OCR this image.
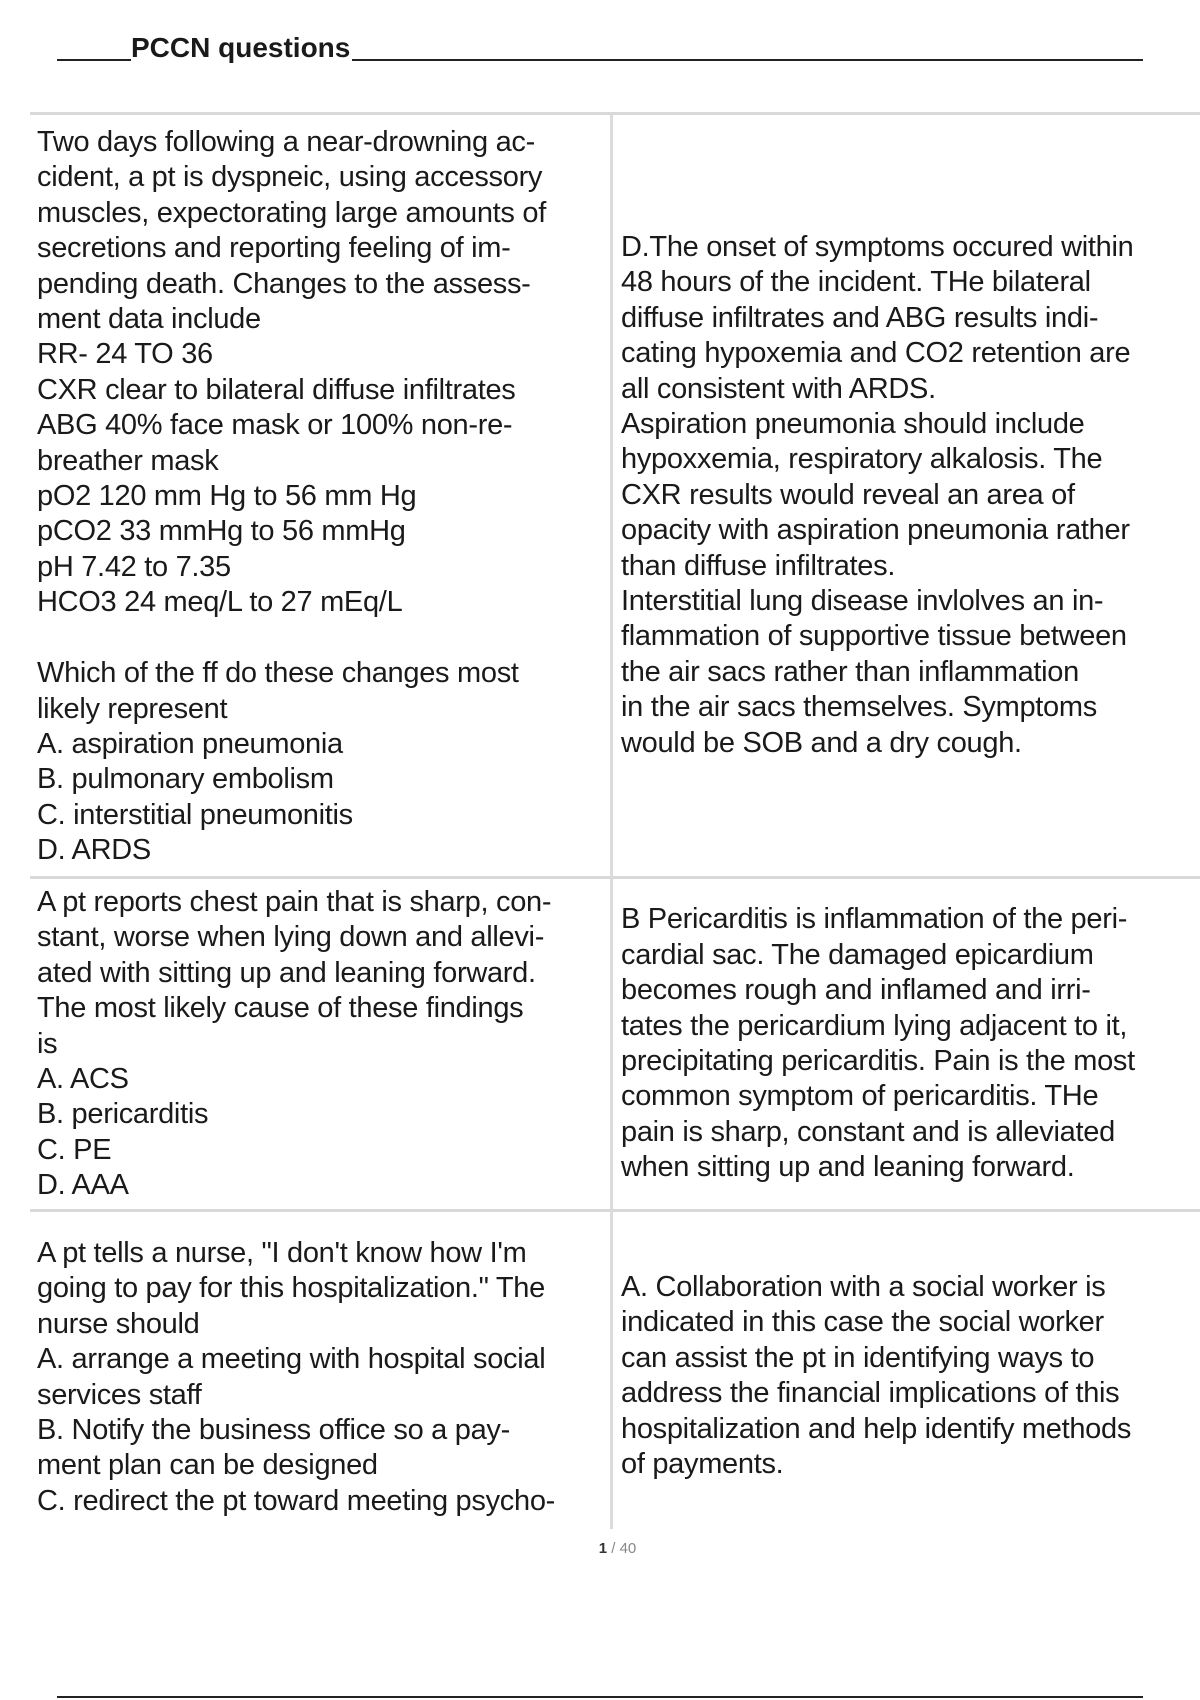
PCCN questions
Two days following a near-drowning ac-
cident, a pt is dyspneic, using accessory
muscles, expectorating large amounts of
secretions and reporting feeling of im-
pending death. Changes to the assess-
ment data include
RR- 24 TO 36
CXR clear to bilateral diffuse infiltrates
ABG 40% face mask or 100% non-re-
breather mask
pO2 120 mm Hg to 56 mm Hg
pCO2 33 mmHg to 56 mmHg
pH 7.42 to 7.35
HCO3 24 meq/L to 27 mEq/L

Which of the ff do these changes most
likely represent
A. aspiration pneumonia
B. pulmonary embolism
C. interstitial pneumonitis
D. ARDS
D.The onset of symptoms occured within
48 hours of the incident. THe bilateral
diffuse infiltrates and ABG results indi-
cating hypoxemia and CO2 retention are
all consistent with ARDS.
Aspiration pneumonia should include
hypoxxemia, respiratory alkalosis. The
CXR results would reveal an area of
opacity with aspiration pneumonia rather
than diffuse infiltrates.
Interstitial lung disease invlolves an in-
flammation of supportive tissue between
the air sacs rather than inflammation
in the air sacs themselves. Symptoms
would be SOB and a dry cough.
A pt reports chest pain that is sharp, con-
stant, worse when lying down and allevi-
ated with sitting up and leaning forward.
The most likely cause of these findings
is
A. ACS
B. pericarditis
C. PE
D. AAA
B Pericarditis is inflammation of the peri-
cardial sac. The damaged epicardium
becomes rough and inflamed and irri-
tates the pericardium lying adjacent to it,
precipitating pericarditis. Pain is the most
common symptom of pericarditis. THe
pain is sharp, constant and is alleviated
when sitting up and leaning forward.
A pt tells a nurse, "I don't know how I'm
going to pay for this hospitalization." The
nurse should
A. arrange a meeting with hospital social
services staff
B. Notify the business office so a pay-
ment plan can be designed
C. redirect the pt toward meeting psycho-
A. Collaboration with a social worker is
indicated in this case the social worker
can assist the pt in identifying ways to
address the financial implications of this
hospitalization and help identify methods
of payments.
1 / 40
